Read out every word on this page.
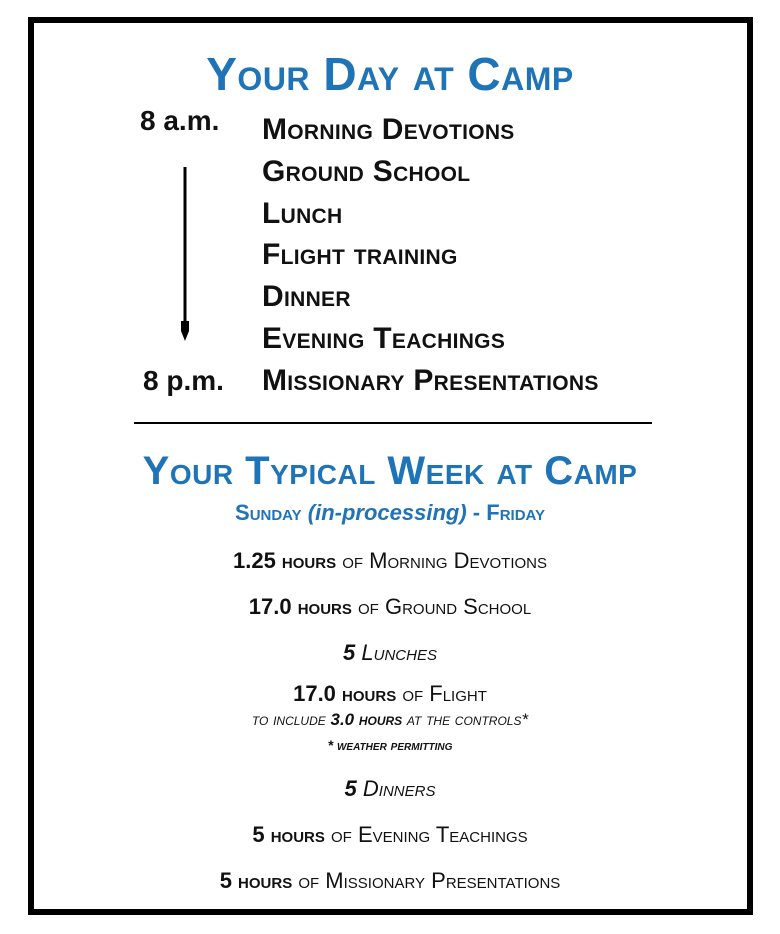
Your Day at Camp
8 a.m. Morning Devotions
Ground School
Lunch
Flight training
Dinner
Evening Teachings
Missionary Presentations
8 p.m.
Your Typical Week at Camp
Sunday (in-processing) - Friday
1.25 hours of Morning Devotions
17.0 hours of Ground School
5 Lunches
17.0 hours of Flight
to include 3.0 hours at the controls*
* weather permitting
5 Dinners
5 hours of Evening Teachings
5 hours of Missionary Presentations
